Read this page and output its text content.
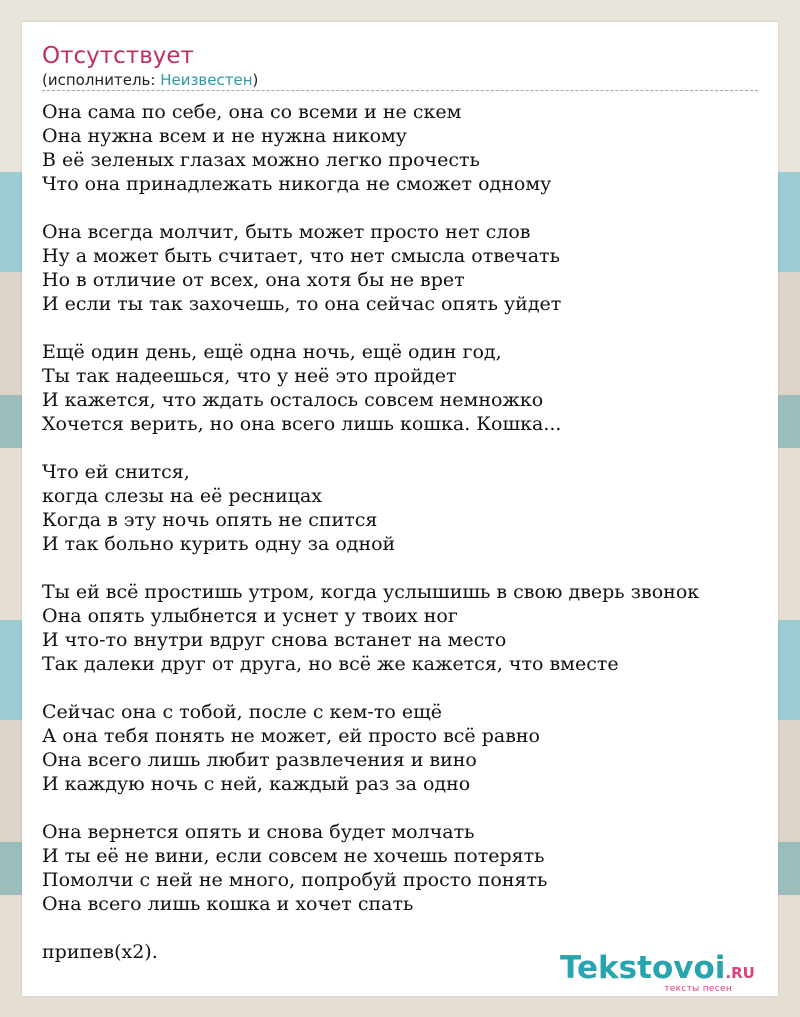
Отсутствует
(исполнитель: Неизвестен)
Она сама по себе, она со всеми и не скем
Она нужна всем и не нужна никому
В её зеленых глазах можно легко прочесть
Что она принадлежать никогда не сможет одному
Она всегда молчит, быть может просто нет слов
Ну а может быть считает, что нет смысла отвечать
Но в отличие от всех, она хотя бы не врет
И если ты так захочешь, то она сейчас опять уйдет
Ещё один день, ещё одна ночь, ещё один год,
Ты так надеешься, что у неё это пройдет
И кажется, что ждать осталось совсем немножко
Хочется верить, но она всего лишь кошка. Кошка...
Что ей снится,
когда слезы на её ресницах
Когда в эту ночь опять не спится
И так больно курить одну за одной
Ты ей всё простишь утром, когда услышишь в свою дверь звонок
Она опять улыбнется и уснет у твоих ног
И что-то внутри вдруг снова встанет на место
Так далеки друг от друга, но всё же кажется, что вместе
Сейчас она с тобой, после с кем-то ещё
А она тебя понять не может, ей просто всё равно
Она всего лишь любит развлечения и вино
И каждую ночь с ней, каждый раз за одно
Она вернется опять и снова будет молчать
И ты её не вини, если совсем не хочешь потерять
Помолчи с ней не много, попробуй просто понять
Она всего лишь кошка и хочет спать
припев(x2).	Tekstovoi.RU
тексты песен
